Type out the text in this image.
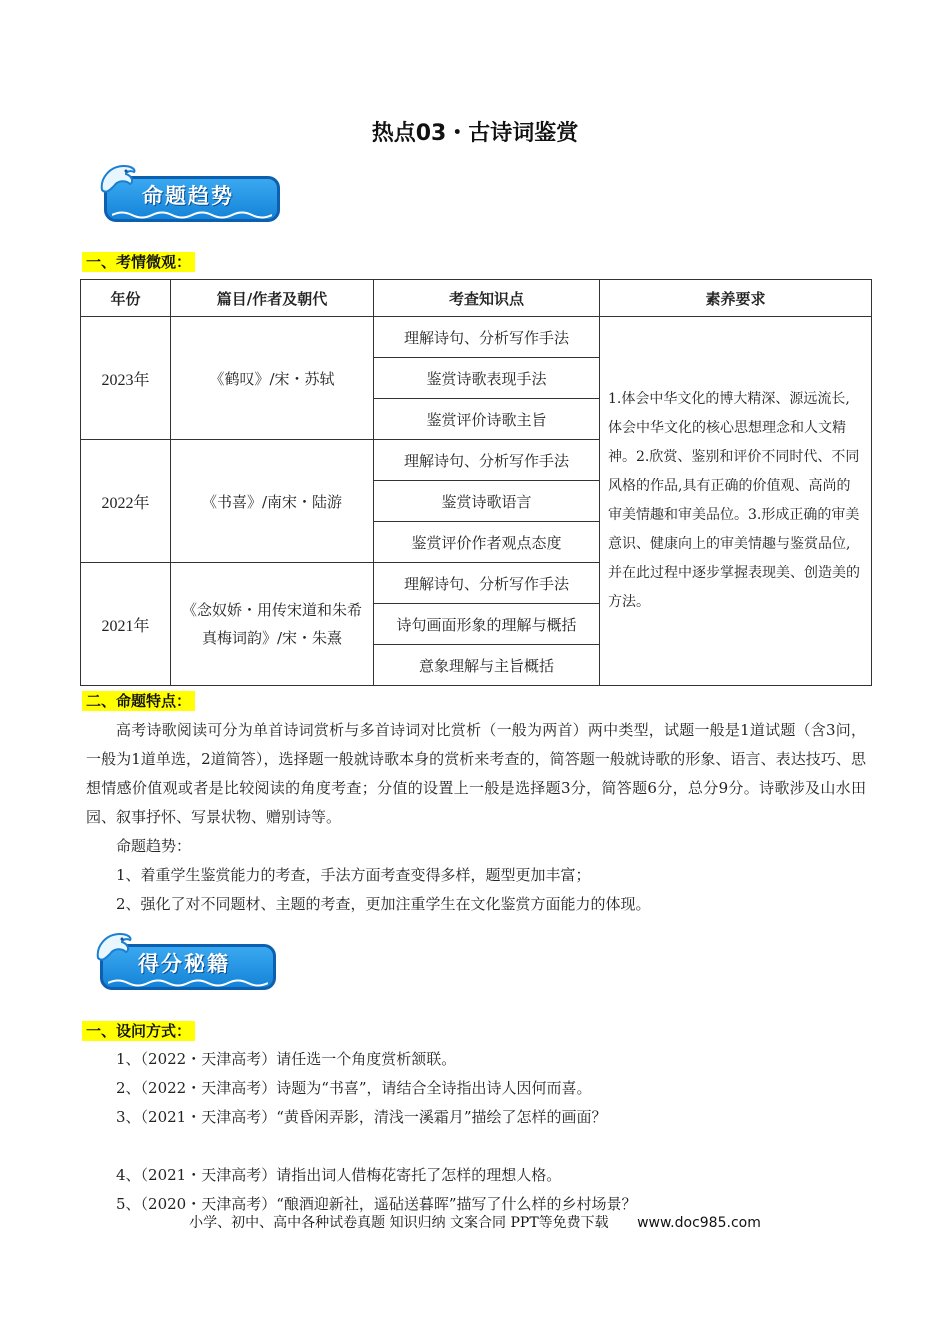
热点03・古诗词鉴赏
命题趋势
一、考情微观：
年份	篇目/作者及朝代	考查知识点	素养要求
2023年	《鹤叹》/宋・苏轼	理解诗句、分析写作手法	1.体会中华文化的博大精深、源远流长,体会中华文化的核心思想理念和人文精神。2.欣赏、鉴别和评价不同时代、不同风格的作品,具有正确的价值观、高尚的审美情趣和审美品位。3.形成正确的审美意识、健康向上的审美情趣与鉴赏品位,并在此过程中逐步掌握表现美、创造美的方法。
		鉴赏诗歌表现手法	
		鉴赏评价诗歌主旨	
2022年	《书喜》/南宋・陆游	理解诗句、分析写作手法	
		鉴赏诗歌语言	
		鉴赏评价作者观点态度	
2021年	《念奴娇・用传宋道和朱希真梅词韵》/宋・朱熹	理解诗句、分析写作手法	
		诗句画面形象的理解与概括	
		意象理解与主旨概括	
二、命题特点：

高考诗歌阅读可分为单首诗词赏析与多首诗词对比赏析（一般为两首）两中类型，试题一般是1道试题（含3问，一般为1道单选，2道简答），选择题一般就诗歌本身的赏析来考查的，简答题一般就诗歌的形象、语言、表达技巧、思想情感价值观或者是比较阅读的角度考查；分值的设置上一般是选择题3分，简答题6分，总分9分。诗歌涉及山水田园、叙事抒怀、写景状物、赠别诗等。

命题趋势：

1、着重学生鉴赏能力的考查，手法方面考查变得多样，题型更加丰富；

2、强化了对不同题材、主题的考查，更加注重学生在文化鉴赏方面能力的体现。

得分秘籍
一、设问方式：

1、（2022・天津高考）请任选一个角度赏析颔联。

2、（2022・天津高考）诗题为“书喜”，请结合全诗指出诗人因何而喜。

3、（2021・天津高考）“黄昏闲弄影，清浅一溪霜月”描绘了怎样的画面？

4、（2021・天津高考）请指出词人借梅花寄托了怎样的理想人格。

5、（2020・天津高考）“酿酒迎新社，遥砧送暮晖”描写了什么样的乡村场景？

小学、初中、高中各种试卷真题 知识归纳 文案合同 PPT等免费下载 www.doc985.com
